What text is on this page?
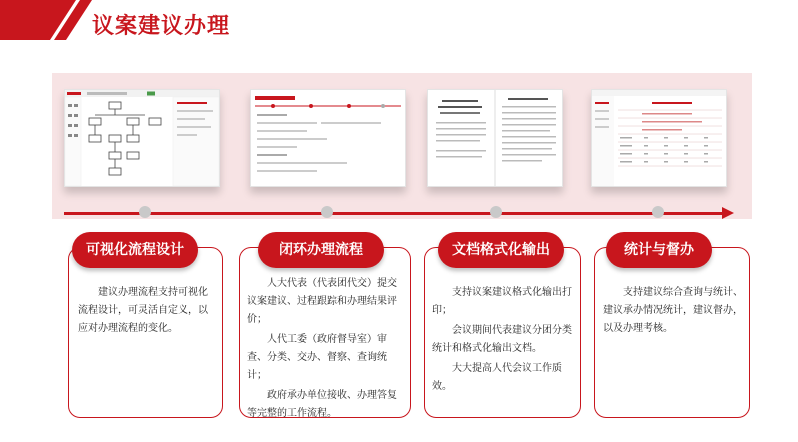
议案建议办理

建议办理流程支持可视化流程设计，可灵活自定义，以应对办理流程的变化。

可视化流程设计

人大代表（代表团代交）提交议案建议、过程跟踪和办理结果评价；

人代工委（政府督导室）审查、分类、交办、督察、查询统计；

政府承办单位接收、办理答复等完整的工作流程。

闭环办理流程

支持议案建议格式化输出打印；

会议期间代表建议分团分类统计和格式化输出文档。

大大提高人代会议工作质效。

文档格式化输出

支持建议综合查询与统计、建议承办情况统计，建议督办，以及办理考核。

统计与督办
